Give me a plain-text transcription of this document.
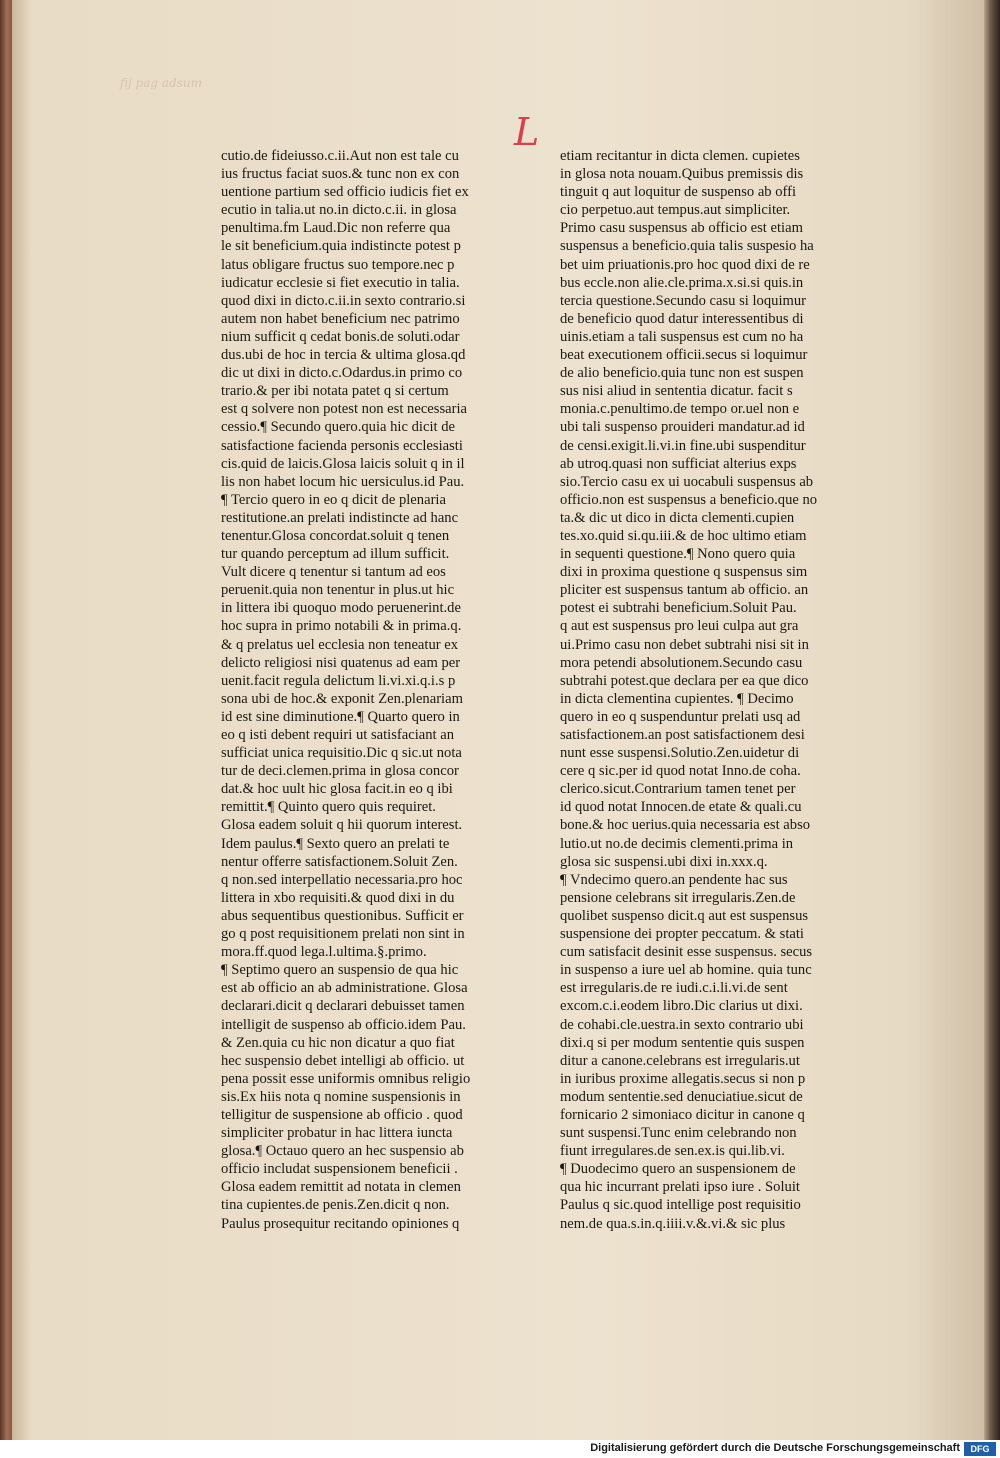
fij pag adsum
L
cutio.de fideiusso.c.ii.Aut non est tale cu
ius fructus faciat suos.& tunc non ex con
uentione partium sed officio iudicis fiet ex
ecutio in talia.ut no.in dicto.c.ii. in glosa
penultima.fm Laud.Dic non referre qua
le sit beneficium.quia indistincte potest p
latus obligare fructus suo tempore.nec p
iudicatur ecclesie si fiet executio in talia.
quod dixi in dicto.c.ii.in sexto contrario.si
autem non habet beneficium nec patrimo
nium sufficit q cedat bonis.de soluti.odar
dus.ubi de hoc in tercia & ultima glosa.qd
dic ut dixi in dicto.c.Odardus.in primo co
trario.& per ibi notata patet q si certum
est q solvere non potest non est necessaria
cessio.¶ Secundo quero.quia hic dicit de
satisfactione facienda personis ecclesiasti
cis.quid de laicis.Glosa laicis soluit q in il
lis non habet locum hic uersiculus.id Pau.
¶ Tercio quero in eo q dicit de plenaria
restitutione.an prelati indistincte ad hanc
tenentur.Glosa concordat.soluit q tenen
tur quando perceptum ad illum sufficit.
Vult dicere q tenentur si tantum ad eos
peruenit.quia non tenentur in plus.ut hic
in littera ibi quoquo modo peruenerint.de
hoc supra in primo notabili & in prima.q.
& q prelatus uel ecclesia non teneatur ex
delicto religiosi nisi quatenus ad eam per
uenit.facit regula delictum li.vi.xi.q.i.s p
sona ubi de hoc.& exponit Zen.plenariam
id est sine diminutione.¶ Quarto quero in
eo q isti debent requiri ut satisfaciant an
sufficiat unica requisitio.Dic q sic.ut nota
tur de deci.clemen.prima in glosa concor
dat.& hoc uult hic glosa facit.in eo q ibi
remittit.¶ Quinto quero quis requiret.
Glosa eadem soluit q hii quorum interest.
Idem paulus.¶ Sexto quero an prelati te
nentur offerre satisfactionem.Soluit Zen.
q non.sed interpellatio necessaria.pro hoc
littera in xbo requisiti.& quod dixi in du
abus sequentibus questionibus. Sufficit er
go q post requisitionem prelati non sint in
mora.ff.quod lega.l.ultima.§.primo.
¶ Septimo quero an suspensio de qua hic
est ab officio an ab administratione. Glosa
declarari.dicit q declarari debuisset tamen
intelligit de suspenso ab officio.idem Pau.
& Zen.quia cu hic non dicatur a quo fiat
hec suspensio debet intelligi ab officio. ut
pena possit esse uniformis omnibus religio
sis.Ex hiis nota q nomine suspensionis in
telligitur de suspensione ab officio . quod
simpliciter probatur in hac littera iuncta
glosa.¶ Octauo quero an hec suspensio ab
officio includat suspensionem beneficii .
Glosa eadem remittit ad notata in clemen
tina cupientes.de penis.Zen.dicit q non.
Paulus prosequitur recitando opiniones q
etiam recitantur in dicta clemen. cupietes
in glosa nota nouam.Quibus premissis dis
tinguit q aut loquitur de suspenso ab offi
cio perpetuo.aut tempus.aut simpliciter.
Primo casu suspensus ab officio est etiam
suspensus a beneficio.quia talis suspesio ha
bet uim priuationis.pro hoc quod dixi de re
bus eccle.non alie.cle.prima.x.si.si quis.in
tercia questione.Secundo casu si loquimur
de beneficio quod datur interessentibus di
uinis.etiam a tali suspensus est cum no ha
beat executionem officii.secus si loquimur
de alio beneficio.quia tunc non est suspen
sus nisi aliud in sententia dicatur. facit s
monia.c.penultimo.de tempo or.uel non e
ubi tali suspenso prouideri mandatur.ad id
de censi.exigit.li.vi.in fine.ubi suspenditur
ab utroq.quasi non sufficiat alterius exps
sio.Tercio casu ex ui uocabuli suspensus ab
officio.non est suspensus a beneficio.que no
ta.& dic ut dico in dicta clementi.cupien
tes.xo.quid si.qu.iii.& de hoc ultimo etiam
in sequenti questione.¶ Nono quero quia
dixi in proxima questione q suspensus sim
pliciter est suspensus tantum ab officio. an
potest ei subtrahi beneficium.Soluit Pau.
q aut est suspensus pro leui culpa aut gra
ui.Primo casu non debet subtrahi nisi sit in
mora petendi absolutionem.Secundo casu
subtrahi potest.que declara per ea que dico
in dicta clementina cupientes. ¶ Decimo
quero in eo q suspenduntur prelati usq ad
satisfactionem.an post satisfactionem desi
nunt esse suspensi.Solutio.Zen.uidetur di
cere q sic.per id quod notat Inno.de coha.
clerico.sicut.Contrarium tamen tenet per
id quod notat Innocen.de etate & quali.cu
bone.& hoc uerius.quia necessaria est abso
lutio.ut no.de decimis clementi.prima in
glosa sic suspensi.ubi dixi in.xxx.q.
¶ Vndecimo quero.an pendente hac sus
pensione celebrans sit irregularis.Zen.de
quolibet suspenso dicit.q aut est suspensus
suspensione dei propter peccatum. & stati
cum satisfacit desinit esse suspensus. secus
in suspenso a iure uel ab homine. quia tunc
est irregularis.de re iudi.c.i.li.vi.de sent
excom.c.i.eodem libro.Dic clarius ut dixi.
de cohabi.cle.uestra.in sexto contrario ubi
dixi.q si per modum sententie quis suspen
ditur a canone.celebrans est irregularis.ut
in iuribus proxime allegatis.secus si non p
modum sententie.sed denuciatiue.sicut de
fornicario 2 simoniaco dicitur in canone q
sunt suspensi.Tunc enim celebrando non
fiunt irregulares.de sen.ex.is qui.lib.vi.
¶ Duodecimo quero an suspensionem de
qua hic incurrant prelati ipso iure . Soluit
Paulus q sic.quod intellige post requisitio
nem.de qua.s.in.q.iiii.v.&.vi.& sic plus
Digitalisierung gefördert durch die Deutsche Forschungsgemeinschaft	DFG
